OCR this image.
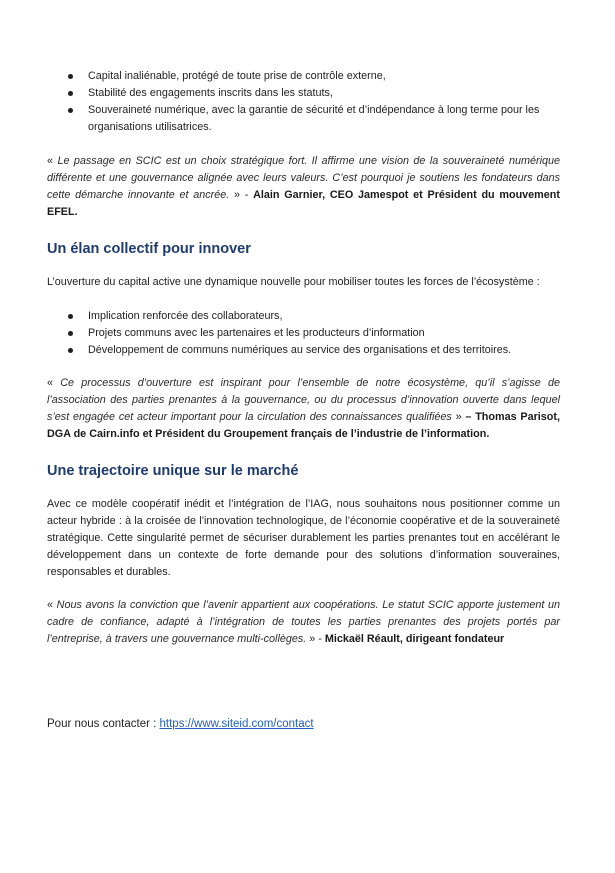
Capital inaliénable, protégé de toute prise de contrôle externe,
Stabilité des engagements inscrits dans les statuts,
Souveraineté numérique, avec la garantie de sécurité et d’indépendance à long terme pour les organisations utilisatrices.

« Le passage en SCIC est un choix stratégique fort. Il affirme une vision de la souveraineté numérique différente et une gouvernance alignée avec leurs valeurs. C’est pourquoi je soutiens les fondateurs dans cette démarche innovante et ancrée. » - Alain Garnier, CEO Jamespot et Président du mouvement EFEL.

Un élan collectif pour innover

L’ouverture du capital active une dynamique nouvelle pour mobiliser toutes les forces de l’écosystème :

Implication renforcée des collaborateurs,
Projets communs avec les partenaires et les producteurs d’information
Développement de communs numériques au service des organisations et des territoires.

« Ce processus d’ouverture est inspirant pour l’ensemble de notre écosystème, qu’il s’agisse de l’association des parties prenantes à la gouvernance, ou du processus d’innovation ouverte dans lequel s’est engagée cet acteur important pour la circulation des connaissances qualifiées » – Thomas Parisot, DGA de Cairn.info et Président du Groupement français de l’industrie de l’information.

Une trajectoire unique sur le marché

Avec ce modèle coopératif inédit et l’intégration de l’IAG, nous souhaitons nous positionner comme un acteur hybride : à la croisée de l’innovation technologique, de l’économie coopérative et de la souveraineté stratégique. Cette singularité permet de sécuriser durablement les parties prenantes tout en accélérant le développement dans un contexte de forte demande pour des solutions d’information souveraines, responsables et durables.

« Nous avons la conviction que l’avenir appartient aux coopérations. Le statut SCIC apporte justement un cadre de confiance, adapté à l’intégration de toutes les parties prenantes des projets portés par l’entreprise, à travers une gouvernance multi-collèges. » - Mickaël Réault, dirigeant fondateur

Pour nous contacter : https://www.siteid.com/contact
